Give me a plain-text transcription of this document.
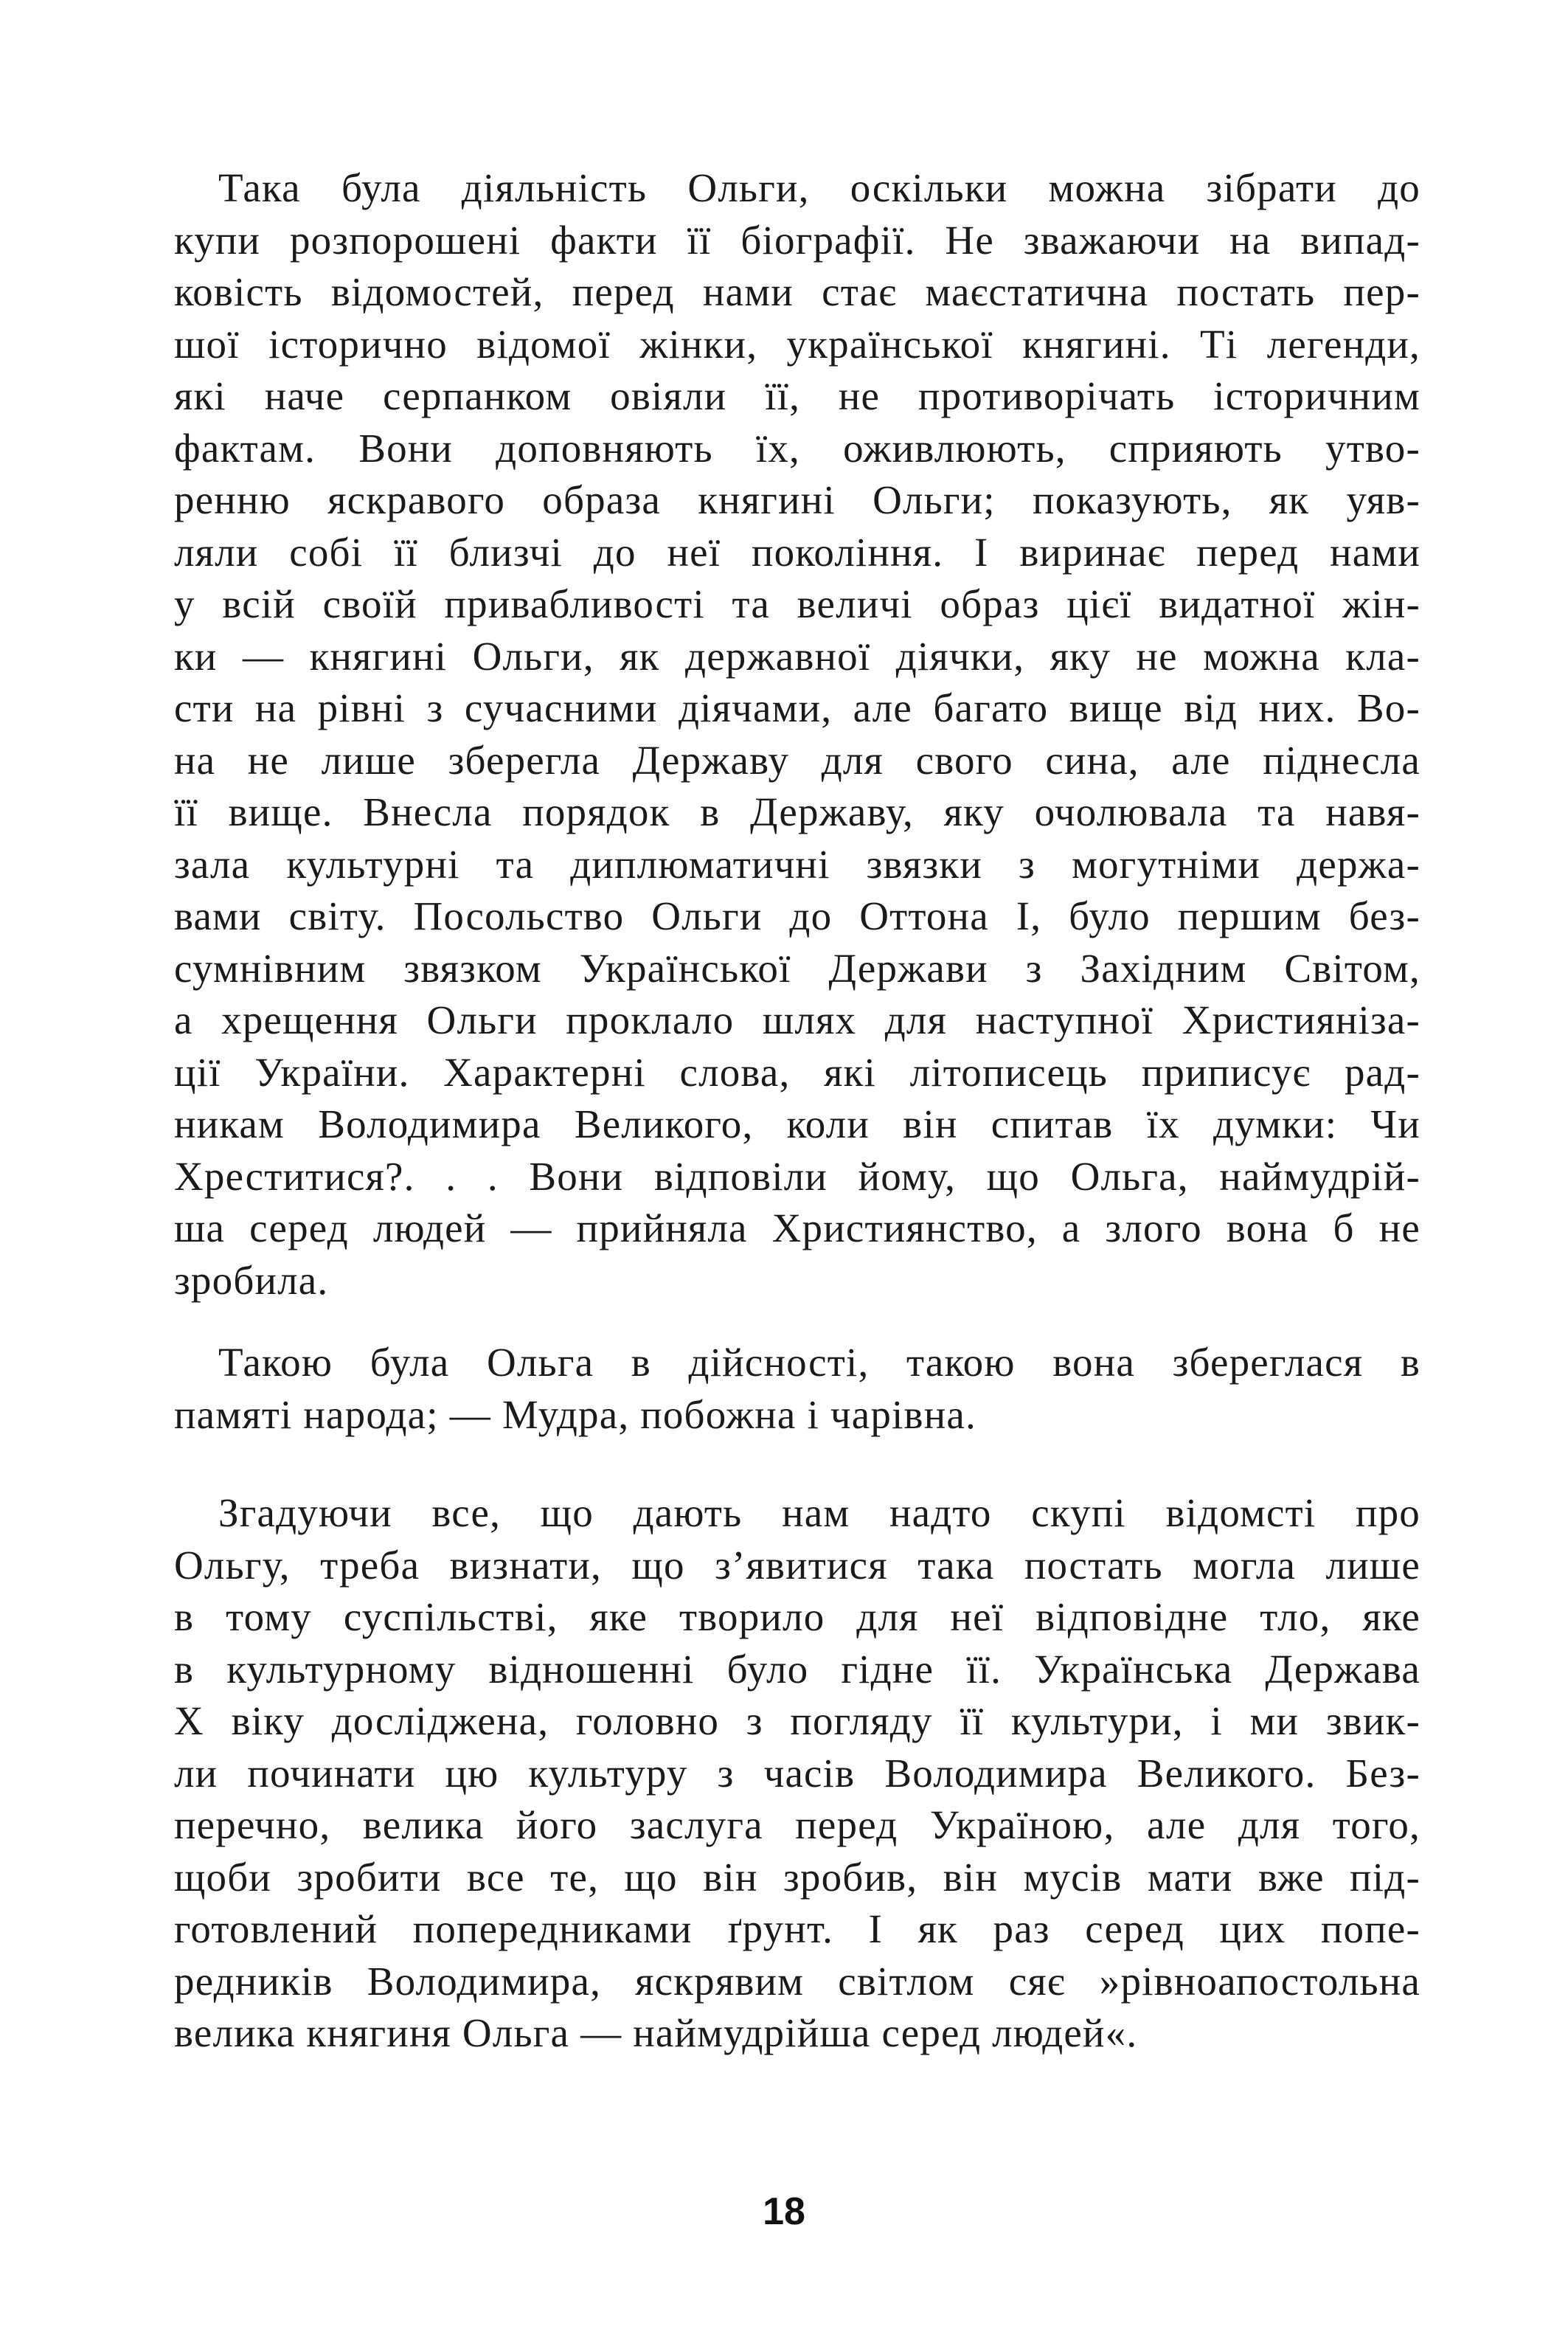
Така була діяльність Ольги, оскільки можна зібрати до
купи розпорошені факти її біографії. Не зважаючи на випад-
ковість відомостей, перед нами стає маєстатична постать пер-
шої історично відомої жінки, української княгині. Ті легенди,
які наче серпанком овіяли її, не противорічать історичним
фактам. Вони доповняють їх, оживлюють, сприяють утво-
ренню яскравого образа княгині Ольги; показують, як уяв-
ляли собі її близчі до неї покоління. І виринає перед нами
у всій своїй привабливості та величі образ цієї видатної жін-
ки — княгині Ольги, як державної діячки, яку не можна кла-
сти на рівні з сучасними діячами, але багато вище від них. Во-
на не лише зберегла Державу для свого сина, але піднесла
її вище. Внесла порядок в Державу, яку очолювала та навя-
зала культурні та диплюматичні звязки з могутніми держа-
вами світу. Посольство Ольги до Оттона І, було першим без-
сумнівним звязком Української Держави з Західним Світом,
а хрещення Ольги проклало шлях для наступної Християніза-
ції України. Характерні слова, які літописець приписує рад-
никам Володимира Великого, коли він спитав їх думки: Чи
Хреститися?. . . Вони відповіли йому, що Ольга, наймудрій-
ша серед людей — прийняла Християнство, а злого вона б не
зробила.
Такою була Ольга в дійсності, такою вона збереглася в
памяті народа; — Мудра, побожна і чарівна.
Згадуючи все, що дають нам надто скупі відомсті про
Ольгу, треба визнати, що з’явитися така постать могла лише
в тому суспільстві, яке творило для неї відповідне тло, яке
в культурному відношенні було гідне її. Українська Держава
X віку досліджена, головно з погляду її культури, і ми звик-
ли починати цю культуру з часів Володимира Великого. Без-
перечно, велика його заслуга перед Україною, але для того,
щоби зробити все те, що він зробив, він мусів мати вже під-
готовлений попередниками ґрунт. І як раз серед цих попе-
редників Володимира, яскрявим світлом сяє »рівноапостольна
велика княгиня Ольга — наймудрійша серед людей«.
18
